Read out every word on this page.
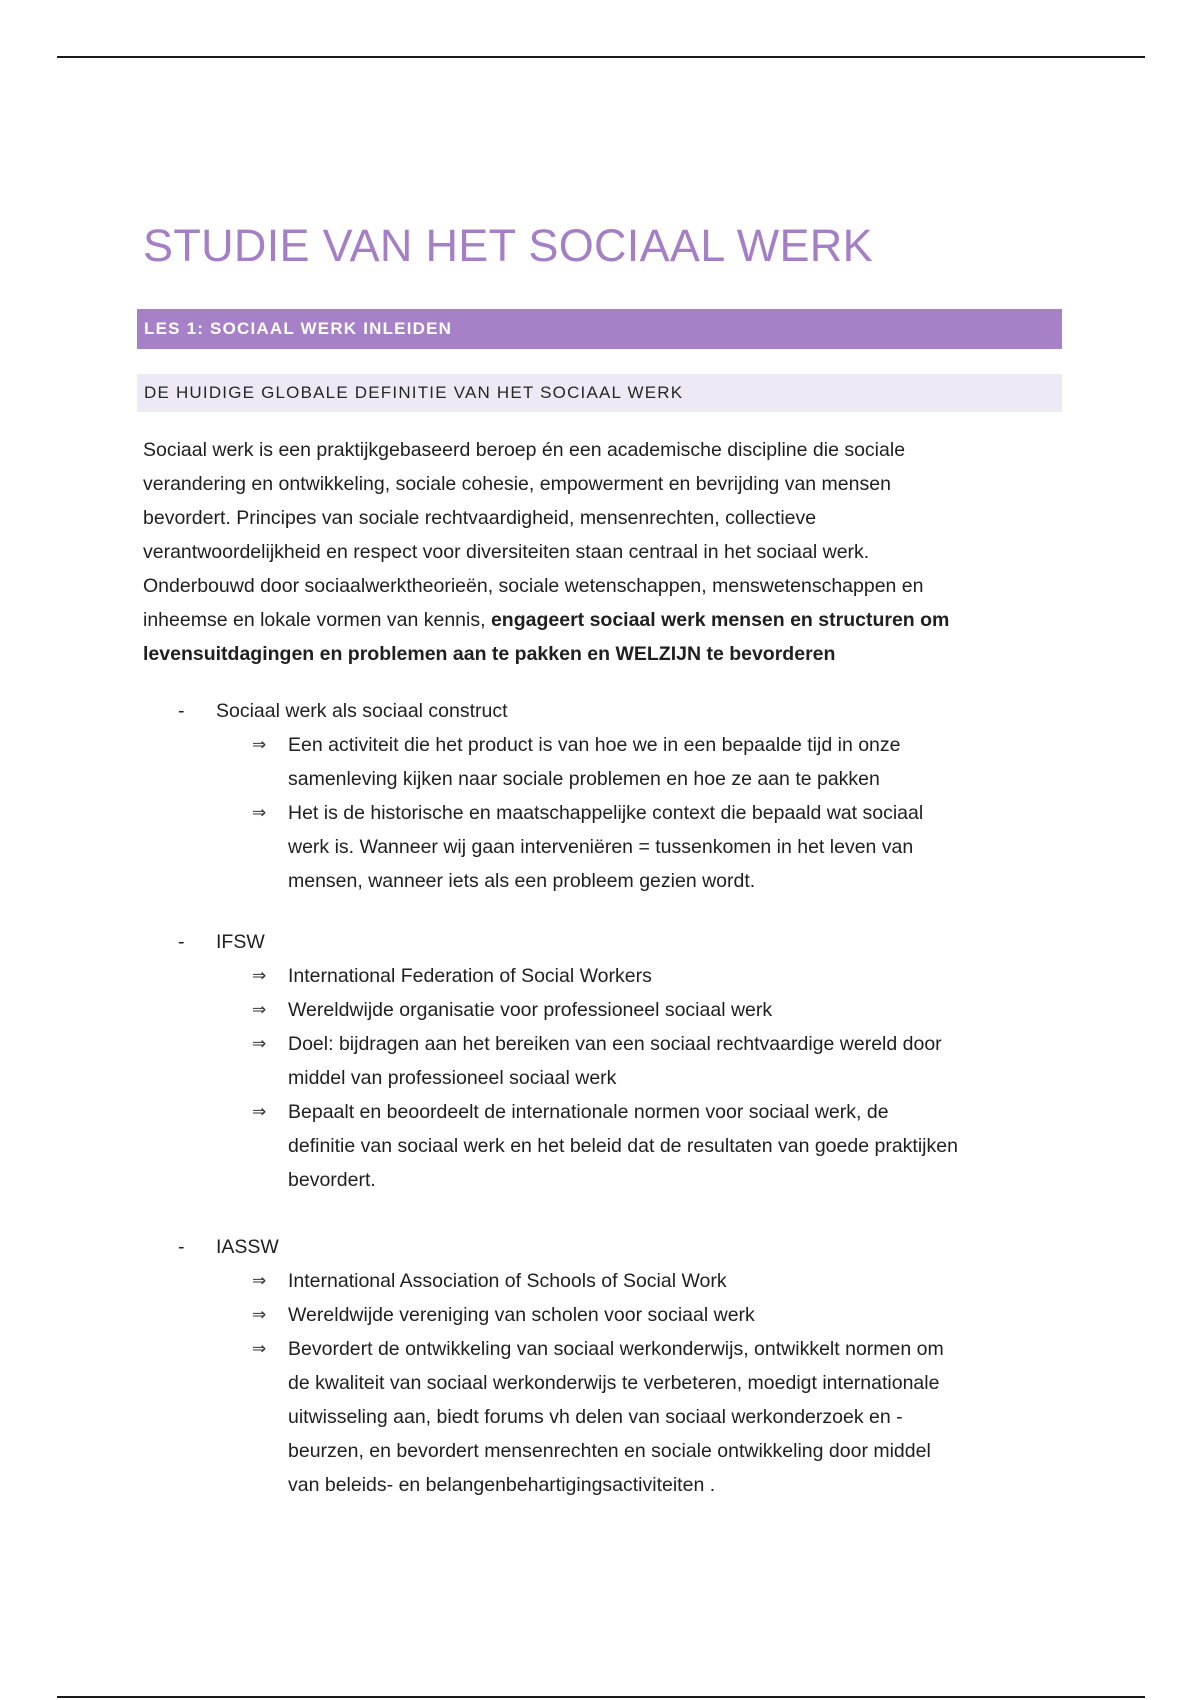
STUDIE VAN HET SOCIAAL WERK
LES 1: SOCIAAL WERK INLEIDEN
DE HUIDIGE GLOBALE DEFINITIE VAN HET SOCIAAL WERK

Sociaal werk is een praktijkgebaseerd beroep én een academische discipline die sociale
verandering en ontwikkeling, sociale cohesie, empowerment en bevrijding van mensen
bevordert. Principes van sociale rechtvaardigheid, mensenrechten, collectieve
verantwoordelijkheid en respect voor diversiteiten staan centraal in het sociaal werk.
Onderbouwd door sociaalwerktheorieën, sociale wetenschappen, menswetenschappen en
inheemse en lokale vormen van kennis, engageert sociaal werk mensen en structuren om
levensuitdagingen en problemen aan te pakken en WELZIJN te bevorderen

- Sociaal werk als sociaal construct
⇒ Een activiteit die het product is van hoe we in een bepaalde tijd in onze
samenleving kijken naar sociale problemen en hoe ze aan te pakken
⇒ Het is de historische en maatschappelijke context die bepaald wat sociaal
werk is. Wanneer wij gaan interveniëren = tussenkomen in het leven van
mensen, wanneer iets als een probleem gezien wordt.
- IFSW
⇒ International Federation of Social Workers
⇒ Wereldwijde organisatie voor professioneel sociaal werk
⇒ Doel: bijdragen aan het bereiken van een sociaal rechtvaardige wereld door
middel van professioneel sociaal werk
⇒ Bepaalt en beoordeelt de internationale normen voor sociaal werk, de
definitie van sociaal werk en het beleid dat de resultaten van goede praktijken
bevordert.
- IASSW
⇒ International Association of Schools of Social Work
⇒ Wereldwijde vereniging van scholen voor sociaal werk
⇒ Bevordert de ontwikkeling van sociaal werkonderwijs, ontwikkelt normen om
de kwaliteit van sociaal werkonderwijs te verbeteren, moedigt internationale
uitwisseling aan, biedt forums vh delen van sociaal werkonderzoek en -
beurzen, en bevordert mensenrechten en sociale ontwikkeling door middel
van beleids- en belangenbehartigingsactiviteiten .
